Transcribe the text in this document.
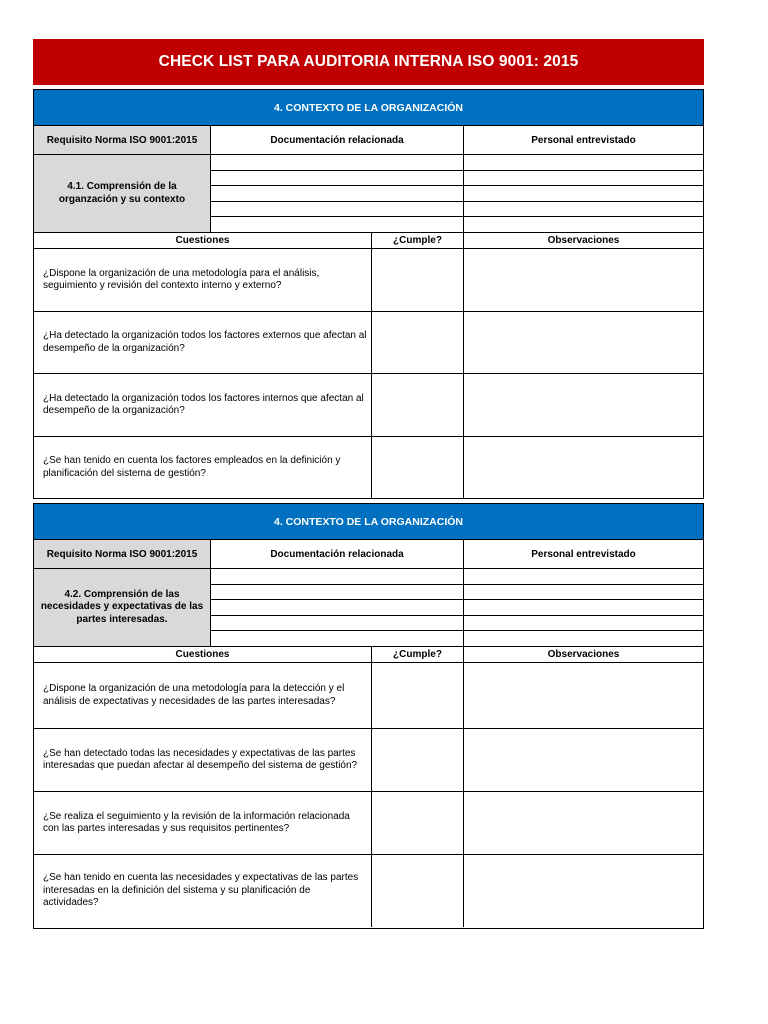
CHECK LIST PARA AUDITORIA INTERNA ISO 9001: 2015
4. CONTEXTO DE LA ORGANIZACIÓN
Requisito Norma ISO 9001:2015	Documentación relacionada	Personal entrevistado
4.1. Comprensión de la organzación y su contexto
Cuestiones	¿Cumple?	Observaciones
¿Dispone la organización de una metodología para el análisis, seguimiento y revisión del contexto interno y externo?
¿Ha detectado la organización todos los factores externos que afectan al desempeño de la organización?
¿Ha detectado la organización todos los factores internos que afectan al desempeño de la organización?
¿Se han tenido en cuenta los factores empleados en la definición y planificación del sistema de gestión?
4. CONTEXTO DE LA ORGANIZACIÓN
Requisito Norma ISO 9001:2015	Documentación relacionada	Personal entrevistado
4.2. Comprensión de las necesidades y expectativas de las partes interesadas.
Cuestiones	¿Cumple?	Observaciones
¿Dispone la organización de una metodología para la detección y el análisis de expectativas y necesidades de las partes interesadas?
¿Se han detectado todas las necesidades y expectativas de las partes interesadas que puedan afectar al desempeño del sistema de gestión?
¿Se realiza el seguimiento y la revisión de la información relacionada con las partes interesadas y sus requisitos pertinentes?
¿Se han tenido en cuenta las necesidades y expectativas de las partes interesadas en la definición del sistema y su planificación de actividades?
